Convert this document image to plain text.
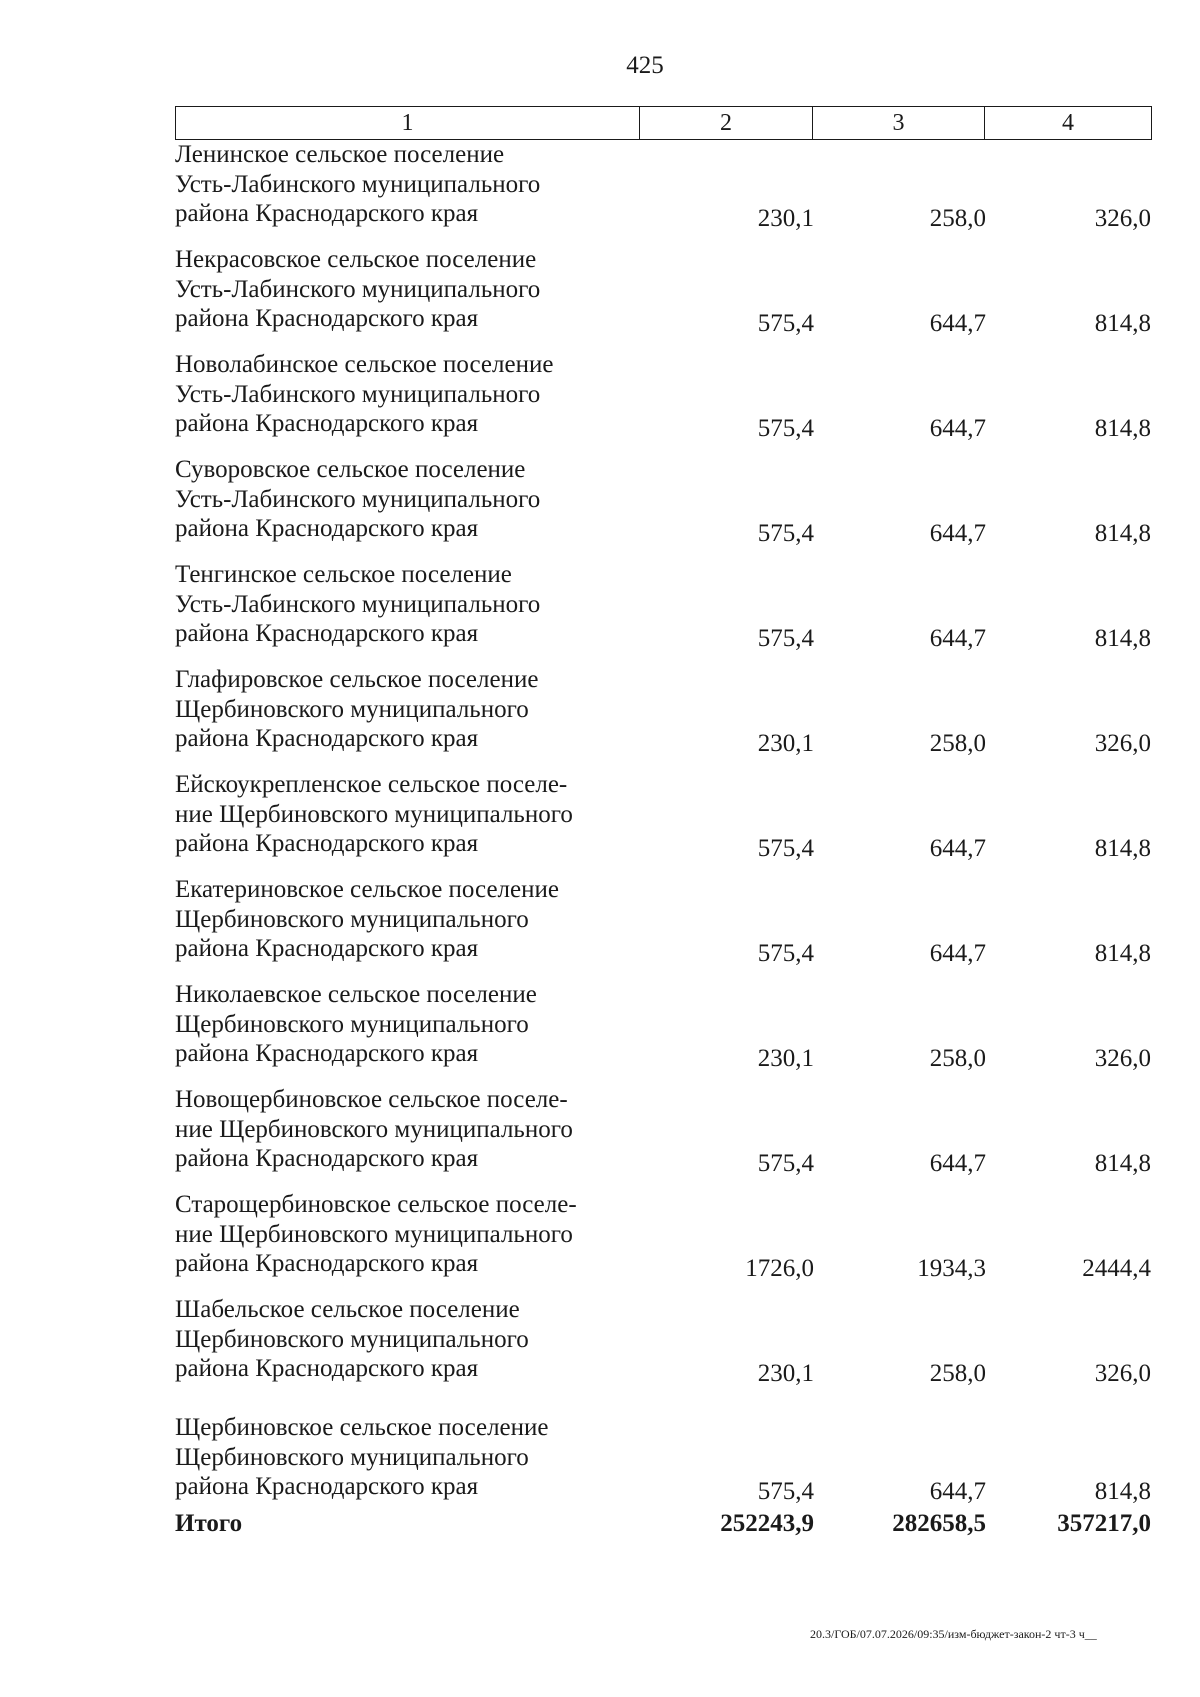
425
1	2	3	4
Ленинское сельское поселение
Усть-Лабинского муниципального
района Краснодарского края	230,1	258,0	326,0
Некрасовское сельское поселение
Усть-Лабинского муниципального
района Краснодарского края	575,4	644,7	814,8
Новолабинское сельское поселение
Усть-Лабинского муниципального
района Краснодарского края	575,4	644,7	814,8
Суворовское сельское поселение
Усть-Лабинского муниципального
района Краснодарского края	575,4	644,7	814,8
Тенгинское сельское поселение
Усть-Лабинского муниципального
района Краснодарского края	575,4	644,7	814,8
Глафировское сельское поселение
Щербиновского муниципального
района Краснодарского края	230,1	258,0	326,0
Ейскоукрепленское сельское поселе-
ние Щербиновского муниципального
района Краснодарского края	575,4	644,7	814,8
Екатериновское сельское поселение
Щербиновского муниципального
района Краснодарского края	575,4	644,7	814,8
Николаевское сельское поселение
Щербиновского муниципального
района Краснодарского края	230,1	258,0	326,0
Новощербиновское сельское поселе-
ние Щербиновского муниципального
района Краснодарского края	575,4	644,7	814,8
Старощербиновское сельское поселе-
ние Щербиновского муниципального
района Краснодарского края	1726,0	1934,3	2444,4
Шабельское сельское поселение
Щербиновского муниципального
района Краснодарского края	230,1	258,0	326,0
Щербиновское сельское поселение
Щербиновского муниципального
района Краснодарского края	575,4	644,7	814,8
Итого	252243,9	282658,5	357217,0
20.3/ГОБ/07.07.2026/09:35/изм-бюджет-закон-2 чт-3 ч__
